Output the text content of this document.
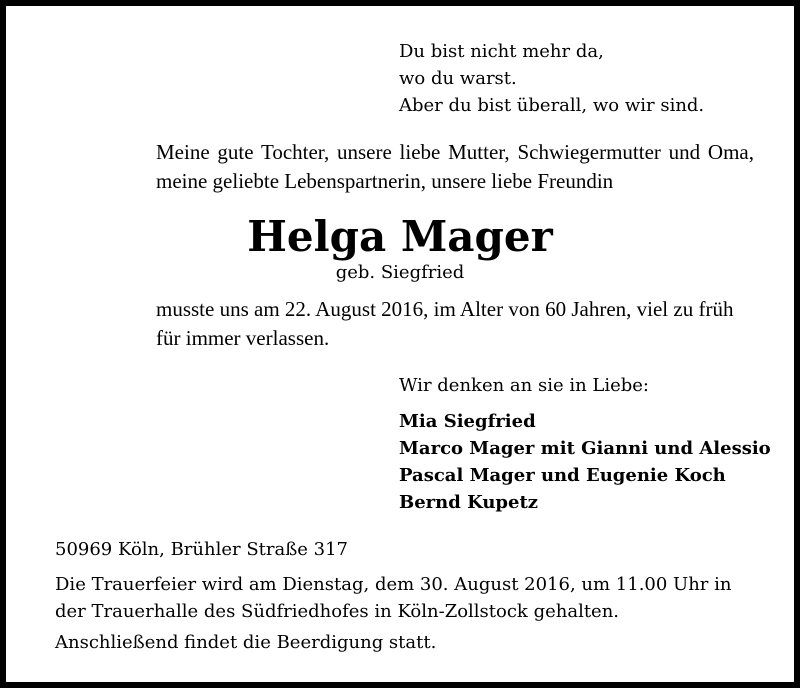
Du bist nicht mehr da,
wo du warst.
Aber du bist überall, wo wir sind.

Meine gute Tochter, unsere liebe Mutter, Schwiegermutter und Oma, meine geliebte Lebenspartnerin, unsere liebe Freundin

Helga Mager
geb. Siegfried

musste uns am 22. August 2016, im Alter von 60 Jahren, viel zu früh für immer verlassen.

Wir denken an sie in Liebe:
Mia Siegfried
Marco Mager mit Gianni und Alessio
Pascal Mager und Eugenie Koch
Bernd Kupetz
50969 Köln, Brühler Straße 317

Die Trauerfeier wird am Dienstag, dem 30. August 2016, um 11.00 Uhr in der Trauerhalle des Südfriedhofes in Köln-Zollstock gehalten.

Anschließend findet die Beerdigung statt.
